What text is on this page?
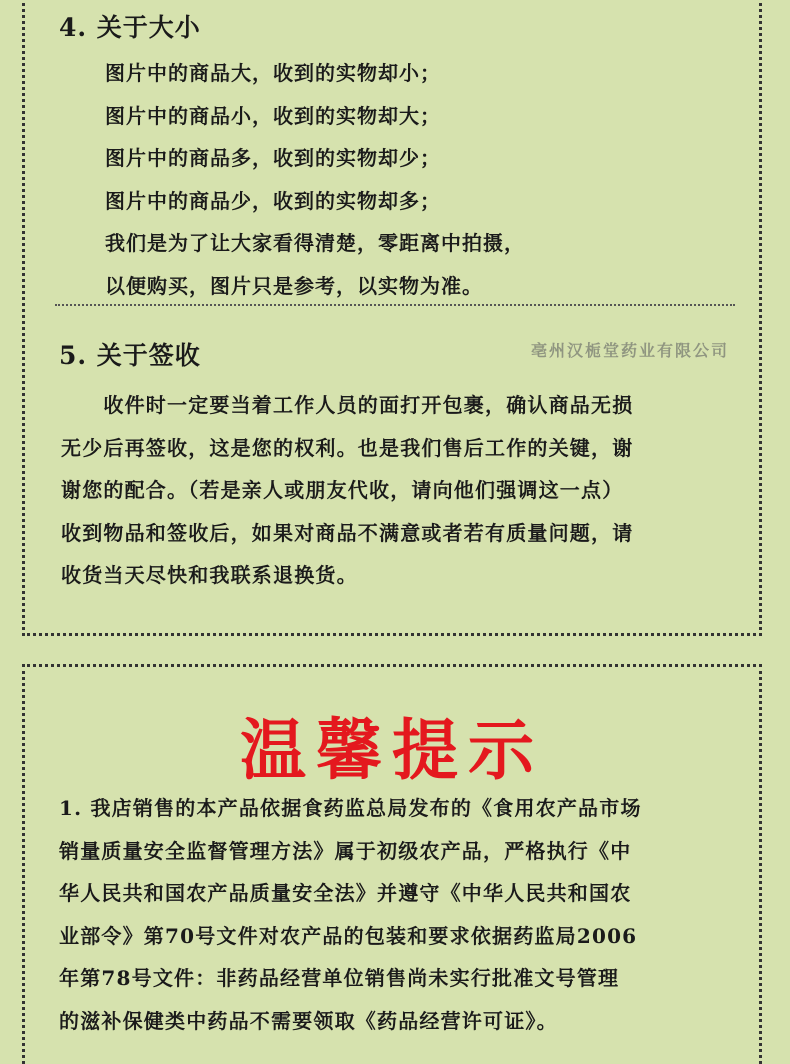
4. 关于大小
图片中的商品大，收到的实物却小；
图片中的商品小，收到的实物却大；
图片中的商品多，收到的实物却少；
图片中的商品少，收到的实物却多；
我们是为了让大家看得清楚，零距离中拍摄，
以便购买，图片只是参考，以实物为准。
5. 关于签收	亳州汉栀堂药业有限公司
　　收件时一定要当着工作人员的面打开包裹，确认商品无损
无少后再签收，这是您的权利。也是我们售后工作的关键，谢
谢您的配合。（若是亲人或朋友代收，请向他们强调这一点）
收到物品和签收后，如果对商品不满意或者若有质量问题，请
收货当天尽快和我联系退换货。
温馨提示
1. 我店销售的本产品依据食药监总局发布的《食用农产品市场
销量质量安全监督管理方法》属于初级农产品，严格执行《中
华人民共和国农产品质量安全法》并遵守《中华人民共和国农
业部令》第70号文件对农产品的包装和要求依据药监局2006
年第78号文件：非药品经营单位销售尚未实行批准文号管理
的滋补保健类中药品不需要领取《药品经营许可证》。
